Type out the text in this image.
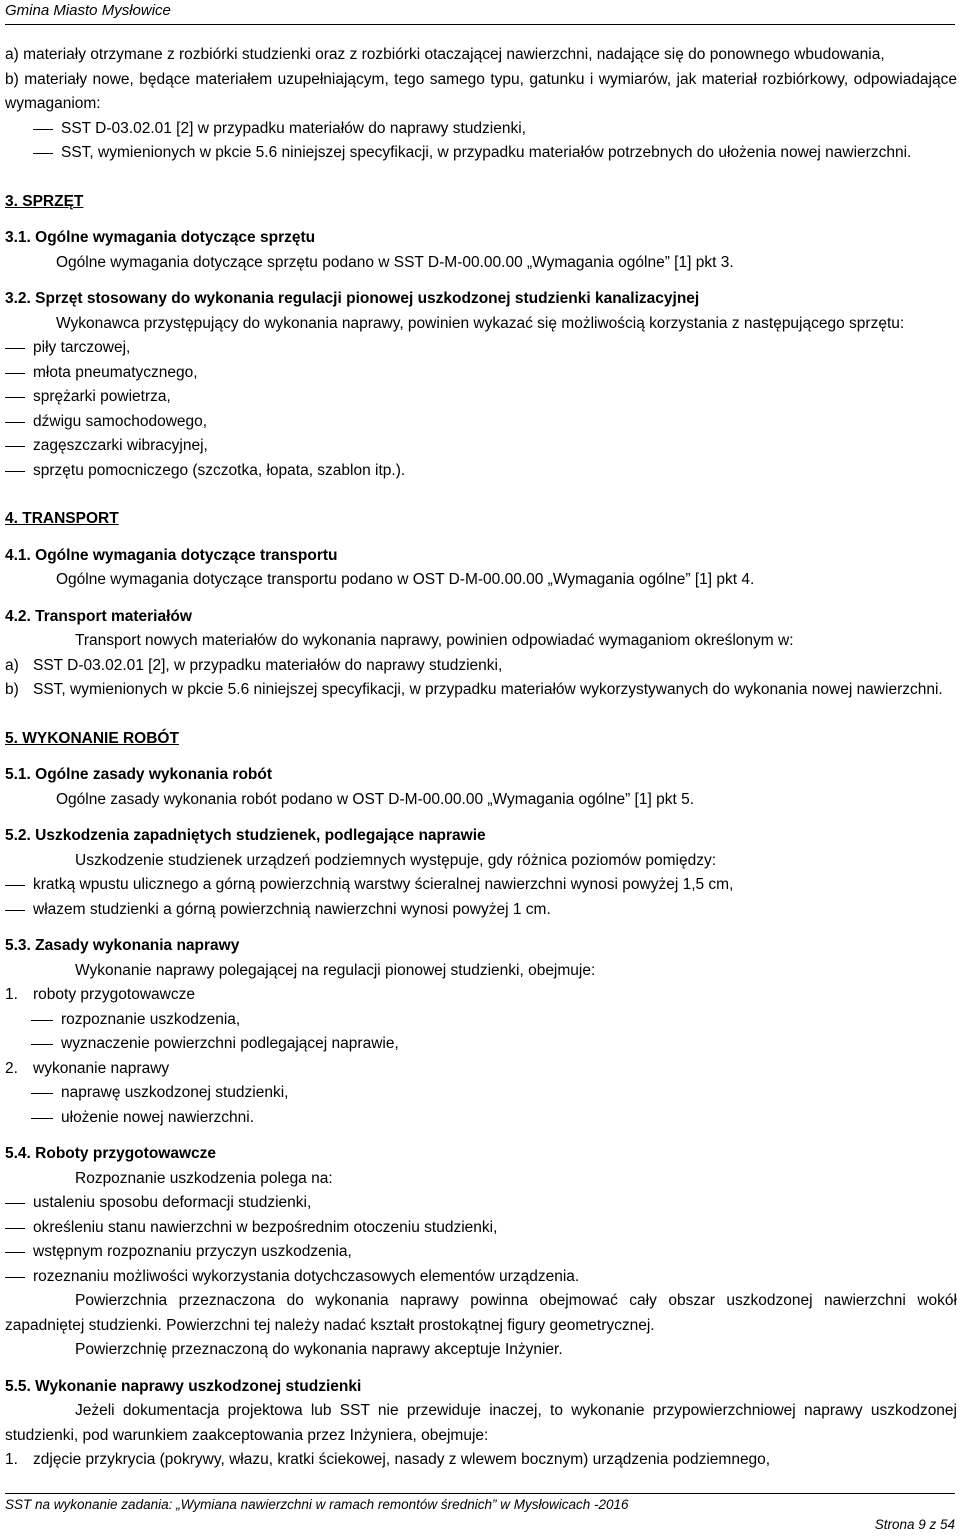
Gmina Miasto Mysłowice

a) materiały otrzymane z rozbiórki studzienki oraz z rozbiórki otaczającej nawierzchni, nadające się do ponownego wbudowania,

b) materiały nowe, będące materiałem uzupełniającym, tego samego typu, gatunku i wymiarów, jak materiał rozbiórkowy, odpowiadające wymaganiom:

SST D-03.02.01 [2] w przypadku materiałów do naprawy studzienki,

SST, wymienionych w pkcie 5.6 niniejszej specyfikacji, w przypadku materiałów potrzebnych do ułożenia nowej nawierzchni.

3. SPRZĘT

3.1. Ogólne wymagania dotyczące sprzętu

Ogólne wymagania dotyczące sprzętu podano w SST D-M-00.00.00 „Wymagania ogólne” [1] pkt 3.

3.2. Sprzęt stosowany do wykonania regulacji pionowej uszkodzonej studzienki kanalizacyjnej

Wykonawca przystępujący do wykonania naprawy, powinien wykazać się możliwością korzystania z następującego sprzętu:

piły tarczowej,

młota pneumatycznego,

sprężarki powietrza,

dźwigu samochodowego,

zagęszczarki wibracyjnej,

sprzętu pomocniczego (szczotka, łopata, szablon itp.).

4. TRANSPORT

4.1. Ogólne wymagania dotyczące transportu

Ogólne wymagania dotyczące transportu podano w OST D-M-00.00.00 „Wymagania ogólne” [1] pkt 4.

4.2. Transport materiałów

Transport nowych materiałów do wykonania naprawy, powinien odpowiadać wymaganiom określonym w:

a) SST D-03.02.01 [2], w przypadku materiałów do naprawy studzienki,

b) SST, wymienionych w pkcie 5.6 niniejszej specyfikacji, w przypadku materiałów wykorzystywanych do wykonania nowej nawierzchni.

5. WYKONANIE ROBÓT

5.1. Ogólne zasady wykonania robót

Ogólne zasady wykonania robót podano w OST D-M-00.00.00 „Wymagania ogólne” [1] pkt 5.

5.2. Uszkodzenia zapadniętych studzienek, podlegające naprawie

Uszkodzenie studzienek urządzeń podziemnych występuje, gdy różnica poziomów pomiędzy:

kratką wpustu ulicznego a górną powierzchnią warstwy ścieralnej nawierzchni wynosi powyżej 1,5 cm,

włazem studzienki a górną powierzchnią nawierzchni wynosi powyżej 1 cm.

5.3. Zasady wykonania naprawy

Wykonanie naprawy polegającej na regulacji pionowej studzienki, obejmuje:

1. roboty przygotowawcze

rozpoznanie uszkodzenia,

wyznaczenie powierzchni podlegającej naprawie,

2. wykonanie naprawy

naprawę uszkodzonej studzienki,

ułożenie nowej nawierzchni.

5.4. Roboty przygotowawcze

Rozpoznanie uszkodzenia polega na:

ustaleniu sposobu deformacji studzienki,

określeniu stanu nawierzchni w bezpośrednim otoczeniu studzienki,

wstępnym rozpoznaniu przyczyn uszkodzenia,

rozeznaniu możliwości wykorzystania dotychczasowych elementów urządzenia.

Powierzchnia przeznaczona do wykonania naprawy powinna obejmować cały obszar uszkodzonej nawierzchni wokół zapadniętej studzienki. Powierzchni tej należy nadać kształt prostokątnej figury geometrycznej.

Powierzchnię przeznaczoną do wykonania naprawy akceptuje Inżynier.

5.5. Wykonanie naprawy uszkodzonej studzienki

Jeżeli dokumentacja projektowa lub SST nie przewiduje inaczej, to wykonanie przypowierzchniowej naprawy uszkodzonej studzienki, pod warunkiem zaakceptowania przez Inżyniera, obejmuje:

1. zdjęcie przykrycia (pokrywy, włazu, kratki ściekowej, nasady z wlewem bocznym) urządzenia podziemnego,

SST na wykonanie zadania: „Wymiana nawierzchni w ramach remontów średnich” w Mysłowicach -2016
Strona 9 z 54
